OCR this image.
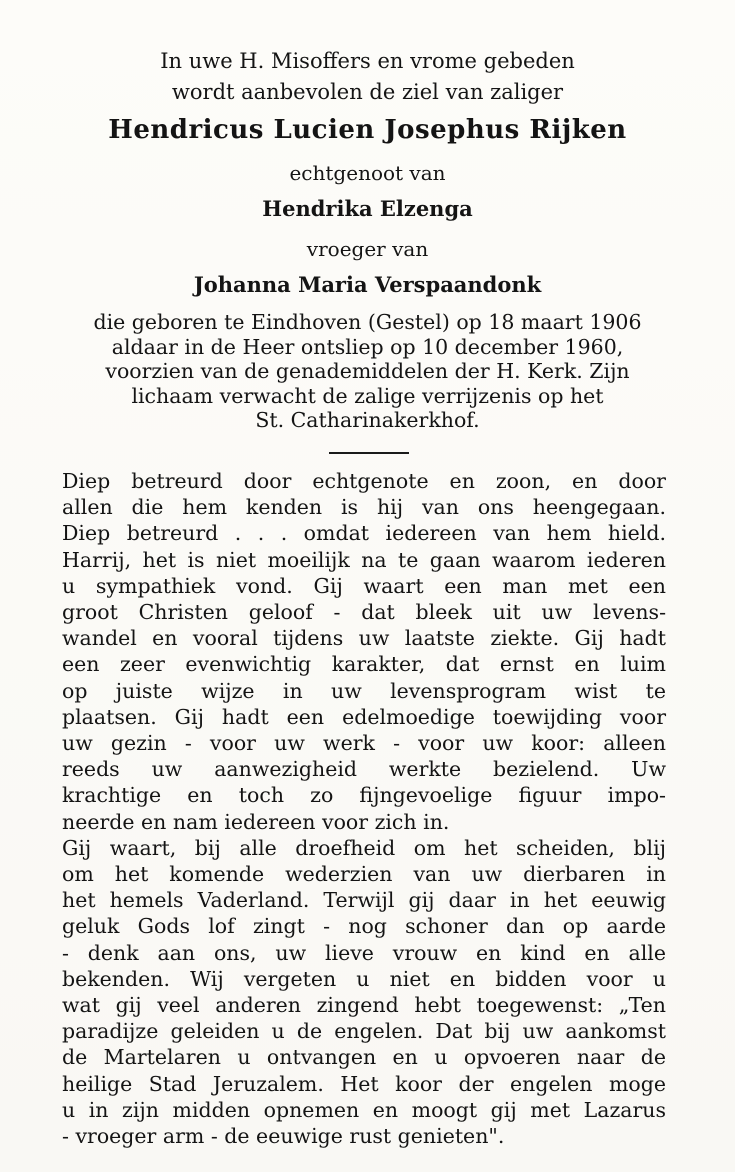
In uwe H. Misoffers en vrome gebeden

wordt aanbevolen de ziel van zaliger

Hendricus Lucien Josephus Rijken

echtgenoot van

Hendrika Elzenga

vroeger van

Johanna Maria Verspaandonk

die geboren te Eindhoven (Gestel) op 18 maart 1906

aldaar in de Heer ontsliep op 10 december 1960,

voorzien van de genademiddelen der H. Kerk. Zijn

lichaam verwacht de zalige verrijzenis op het

St. Catharinakerkhof.

Diep betreurd door echtgenote en zoon, en door
allen die hem kenden is hij van ons heengegaan.
Diep betreurd . . . omdat iedereen van hem hield.
Harrij, het is niet moeilijk na te gaan waarom iederen
u sympathiek vond. Gij waart een man met een
groot Christen geloof - dat bleek uit uw levens-
wandel en vooral tijdens uw laatste ziekte. Gij hadt
een zeer evenwichtig karakter, dat ernst en luim
op juiste wijze in uw levensprogram wist te
plaatsen. Gij hadt een edelmoedige toewijding voor
uw gezin - voor uw werk - voor uw koor: alleen
reeds uw aanwezigheid werkte bezielend. Uw
krachtige en toch zo fijngevoelige figuur impo-
neerde en nam iedereen voor zich in.
Gij waart, bij alle droefheid om het scheiden, blij
om het komende wederzien van uw dierbaren in
het hemels Vaderland. Terwijl gij daar in het eeuwig
geluk Gods lof zingt - nog schoner dan op aarde
- denk aan ons, uw lieve vrouw en kind en alle
bekenden. Wij vergeten u niet en bidden voor u
wat gij veel anderen zingend hebt toegewenst: „Ten
paradijze geleiden u de engelen. Dat bij uw aankomst
de Martelaren u ontvangen en u opvoeren naar de
heilige Stad Jeruzalem. Het koor der engelen moge
u in zijn midden opnemen en moogt gij met Lazarus
- vroeger arm - de eeuwige rust genieten".
